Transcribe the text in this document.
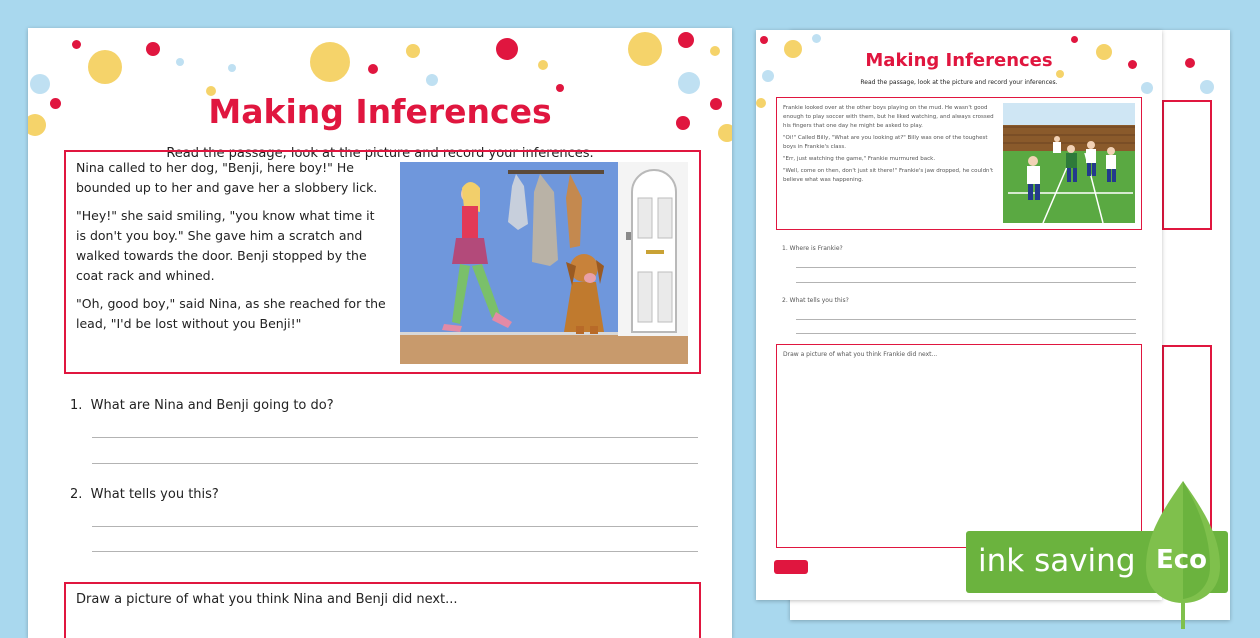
Making Inferences
Read the passage, look at the picture and record your inferences.

Frankie looked over at the other boys playing on the mud. He wasn't good enough to play soccer with them, but he liked watching, and always crossed his fingers that one day he might be asked to play.

"Oi!" Called Billy, "What are you looking at?" Billy was one of the toughest boys in Frankie's class.

"Err, just watching the game," Frankie murmured back.

"Well, come on then, don't just sit there!" Frankie's jaw dropped, he couldn't believe what was happening.

1. Where is Frankie?
2. What tells you this?
Draw a picture of what you think Frankie did next...
Making Inferences
Read the passage, look at the picture and record your inferences.

Nina called to her dog, "Benji, here boy!" He bounded up to her and gave her a slobbery lick.

"Hey!" she said smiling, "you know what time it is don't you boy." She gave him a scratch and walked towards the door. Benji stopped by the coat rack and whined.

"Oh, good boy," said Nina, as she reached for the lead, "I'd be lost without you Benji!"

1. What are Nina and Benji going to do?
2. What tells you this?
Draw a picture of what you think Nina and Benji did next...
ink saving Eco
